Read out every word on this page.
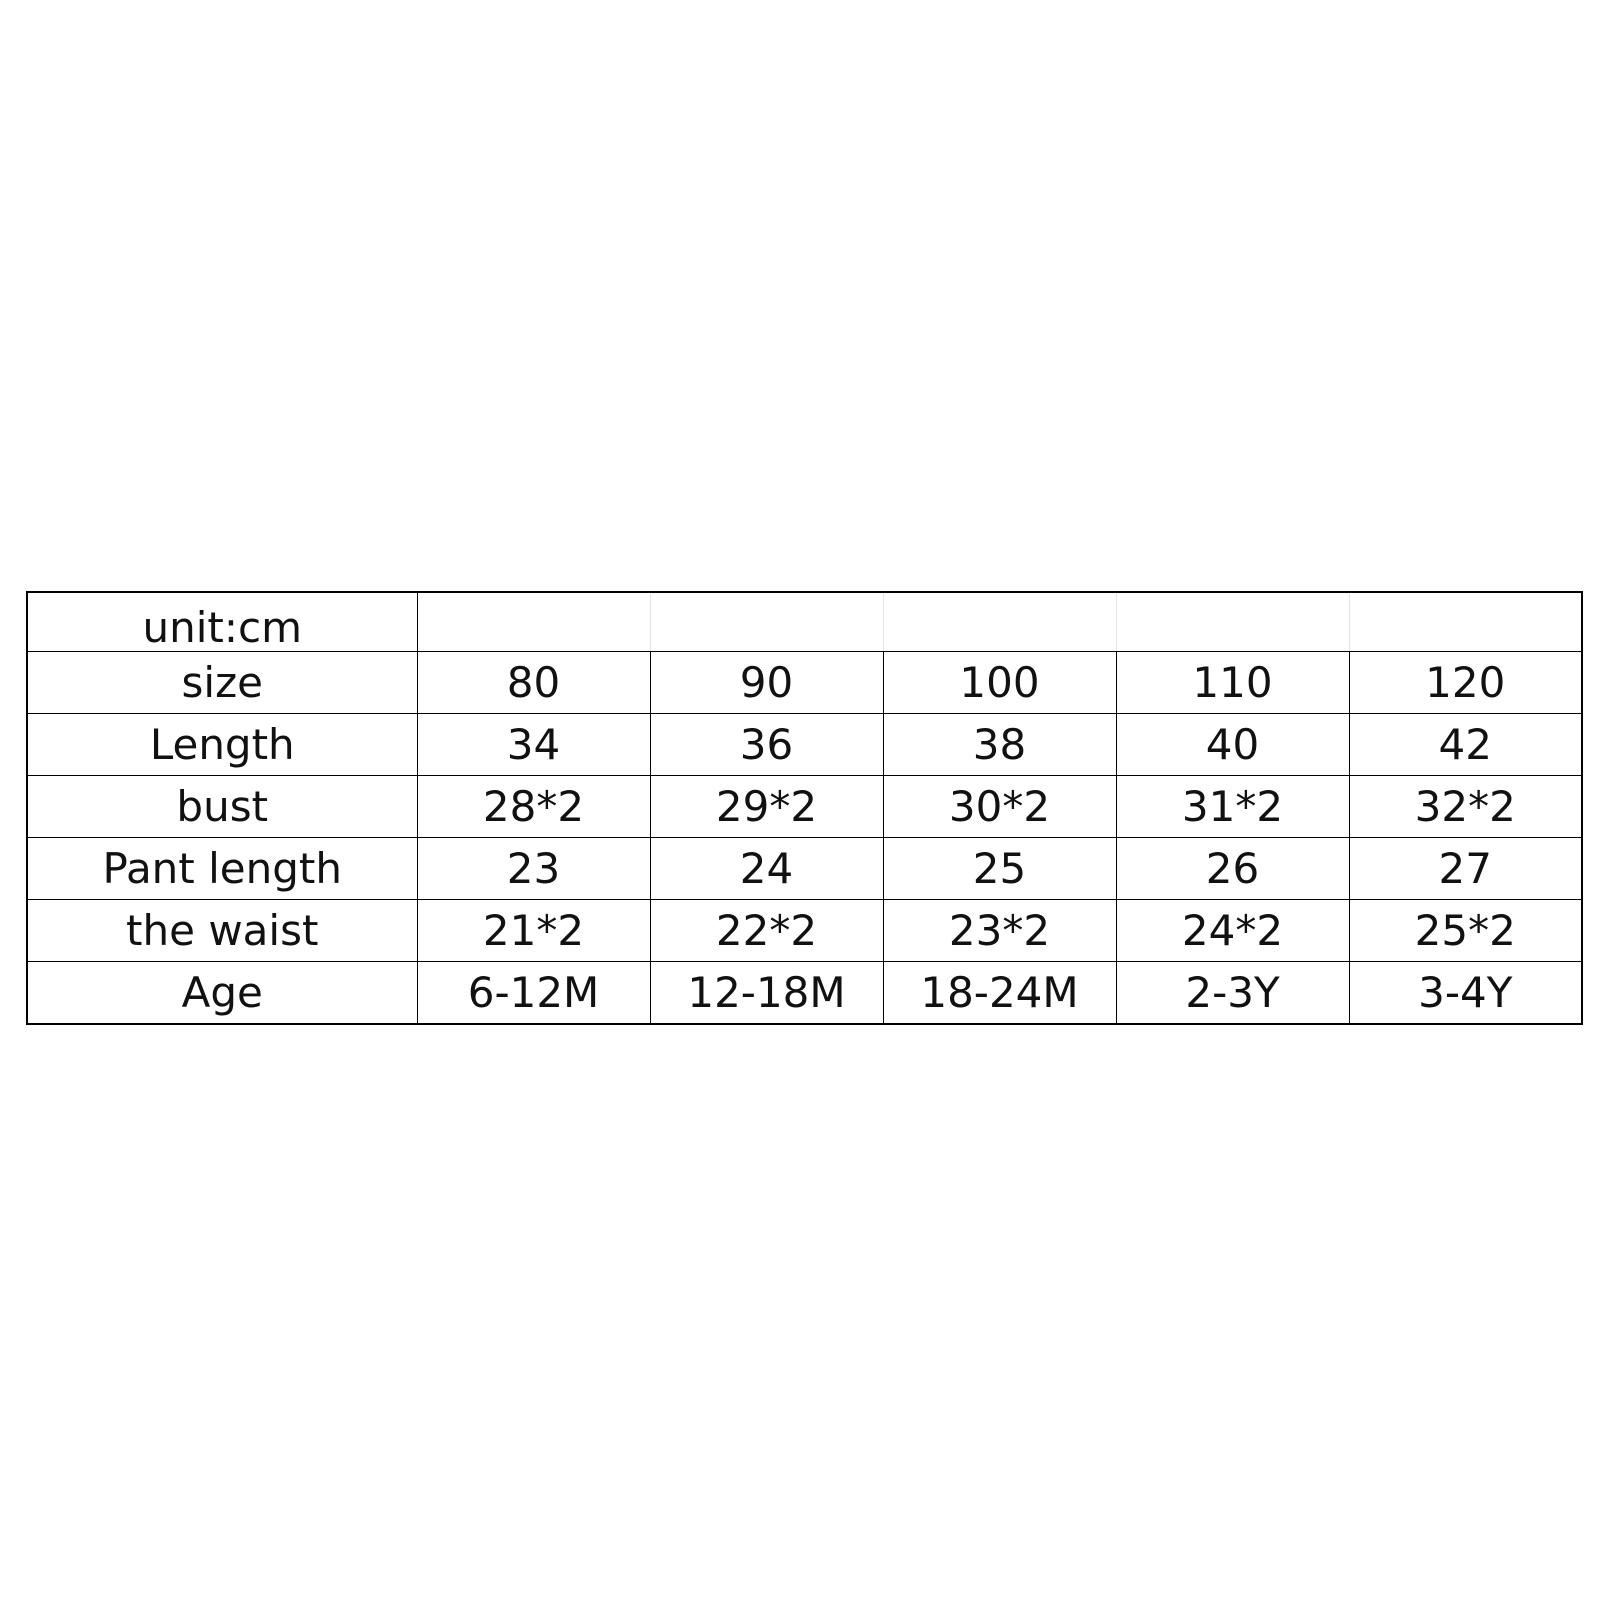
unit:cm					
size	80	90	100	110	120
Length	34	36	38	40	42
bust	28*2	29*2	30*2	31*2	32*2
Pant length	23	24	25	26	27
the waist	21*2	22*2	23*2	24*2	25*2
Age	6-12M	12-18M	18-24M	2-3Y	3-4Y
